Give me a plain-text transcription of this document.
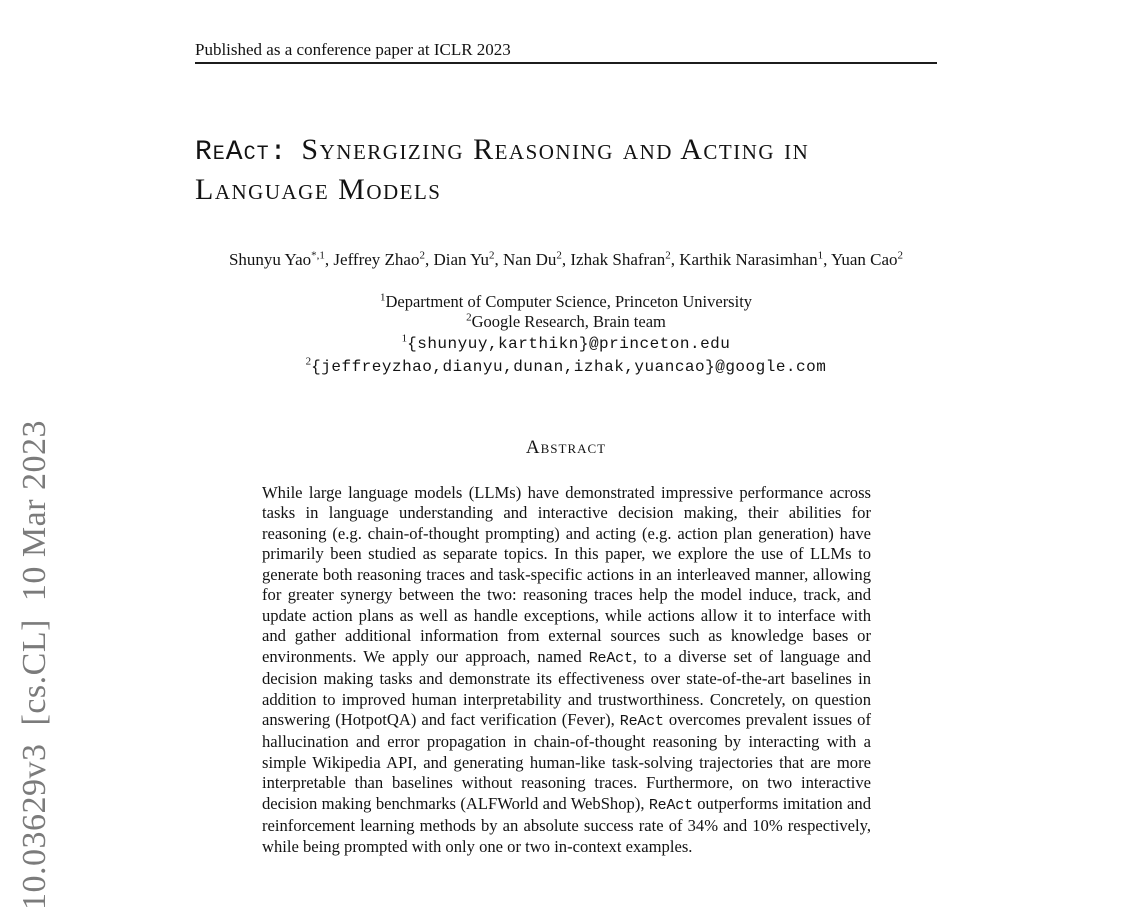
10.03629v3  [cs.CL]  10 Mar 2023
Published as a conference paper at ICLR 2023
ReAct: Synergizing Reasoning and Acting in
Language Models
Shunyu Yao$^{*,1}$, Jeffrey Zhao$^2$, Dian Yu$^2$, Nan Du$^2$, Izhak Shafran$^2$, Karthik Narasimhan$^1$, Yuan Cao$^2$
$^1$Department of Computer Science, Princeton University
$^2$Google Research, Brain team
$^1${shunyuy,karthikn}@princeton.edu
$^2${jeffreyzhao,dianyu,dunan,izhak,yuancao}@google.com
Abstract

While large language models (LLMs) have demonstrated impressive performance across tasks in language understanding and interactive decision making, their abilities for reasoning (e.g. chain-of-thought prompting) and acting (e.g. action plan generation) have primarily been studied as separate topics. In this paper, we explore the use of LLMs to generate both reasoning traces and task-specific actions in an interleaved manner, allowing for greater synergy between the two: reasoning traces help the model induce, track, and update action plans as well as handle exceptions, while actions allow it to interface with and gather additional information from external sources such as knowledge bases or environments. We apply our approach, named ReAct, to a diverse set of language and decision making tasks and demonstrate its effectiveness over state-of-the-art baselines in addition to improved human interpretability and trustworthiness. Concretely, on question answering (HotpotQA) and fact verification (Fever), ReAct overcomes prevalent issues of hallucination and error propagation in chain-of-thought reasoning by interacting with a simple Wikipedia API, and generating human-like task-solving trajectories that are more interpretable than baselines without reasoning traces. Furthermore, on two interactive decision making benchmarks (ALFWorld and WebShop), ReAct outperforms imitation and reinforcement learning methods by an absolute success rate of 34% and 10% respectively, while being prompted with only one or two in-context examples.
